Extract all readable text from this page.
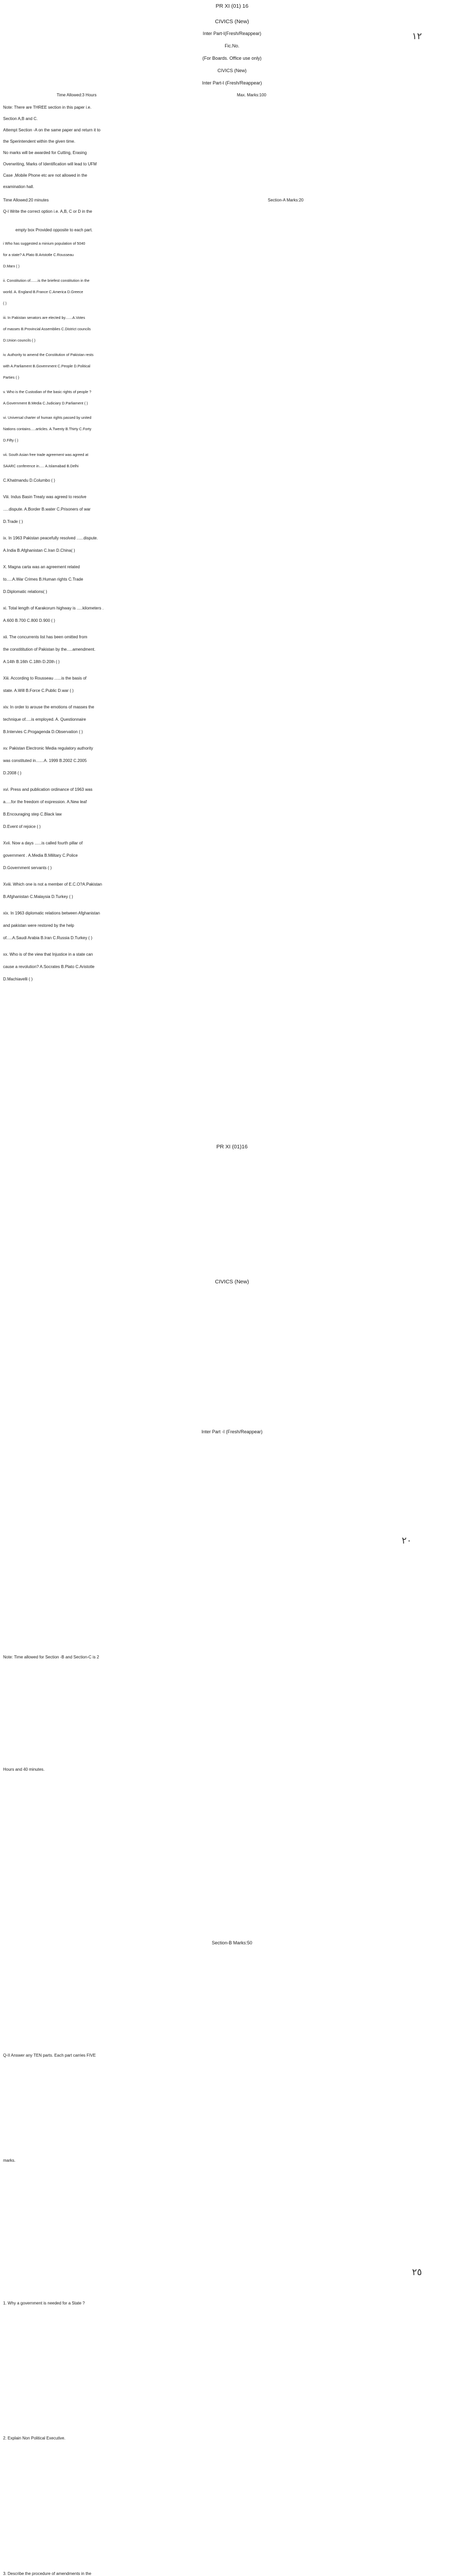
PR XI (01) 16
CIVICS (New)
Inter Part-I(Fresh/Reappear)
Fic.No.
(For Boards. Office use only)
CIVICS (New)
Inter Part-I (Fresh/Reappear)
Time Allowed:3 Hours	Max. Marks:100
Note: There are THREE section in this paper i.e.
Section A,B and C.
Attempt Section -A on the same paper and return it to
the Sperintendent within the given time.
No marks will be awarded for Cutting, Erasing
Overwriting, Marks of Identification will lead to UFM
Case ,Mobile Phone etc are not allowed in the
examination hall.
Time Allowed:20 minutes	Section-A Marks:20
Q-I Write the correct option i.e. A,B, C or D in the
empty box Provided opposite to each part.
i Who has suggested a minium population of 5040
for a state? A.Plato B.Aristotle C.Rousseau
D.Marx ( )
ii. Constitution of.......is the briefest constitution in the
world. A. England B.France C.America D.Greece
( )
iii. In Pakistan senators are elected by.......A.Votes
of masses B.Provincial Assemblies C.District councils
D.Union councils ( )
iv. Authority to amend the Constitution of Pakistan rests
with A.Parliament B.Government C.People D.Political
Parties ( )
v. Who is the Custodian of the basic rights of people ?
A.Government B.Media C.Judiciary D.Parliament ( )
vi. Universal charter of human rights passed by united
Nations contains.....articles. A.Twenty B.Thirty C.Forty
D.Fifty ( )
vii. South Asian free trade agreement was agreed at
SAARC conference in..... A.Islamabad B.Delhi
C.Khatmandu D.Columbo ( )
Viii. Indus Basin Treaty was agreed to resolve
.....dispute. A.Border B.water C.Prisoners of war
D.Trade ( )
ix. In 1963 Pakistan peacefully resolved ......dispute.
A.India B.Afghanistan C.Iran D.China( )
X. Magna carta was an agreement related
to.....A.War Crimes B.Human rights C.Trade
D.Diplomatic relations( )
xi. Total length of Karakorum highway is .....kilometers .
A.600 B.700 C.800 D.900 ( )
xii. The concurrents list has been omitted from
the constititution of Pakistan by the.....amendment.
A.14th B.16th C.18th D.20th ( )
Xiii. According to Rousseau ......is the basis of
state. A.Will B.Force C.Public D.war ( )
xiv. In order to arouse the emotions of masses the
technique of.....is employed. A. Questionnaire
B.Intervies C.Progagenda D.Observation ( )
xv. Pakistan Electronic Media regulatory authority
was constituted in.......A. 1999 B.2002 C.2005
D.2008 ( )
xvi. Press and publication ordinance of 1963 was
a.....for the freedom of expression. A.New leaf
B.Encouraging step C.Black law
D.Event of rejoice ( )
Xvii. Now a days ......is called fourth pillar of
government . A.Media B.Military C.Police
D.Government servants ( )
Xviii. Which one is not a member of E.C.O?A.Pakistan
B.Afghanistan C.Malaysia D.Turkey ( )
xix. In 1963 diplomatic relations between Afghanistan
and pakistan were restored by the help
of.....A.Saudi Arabia B.Iran C.Russia D.Turkey ( )
xx. Who is of the view that Injustice in a state can
cause a revolution? A.Socrates B.Plato C.Aristotle
D.Machiavelli ( )
PR XI (01)16
CIVICS (New)
Inter Part -I (Fresh/Reappear)
Note: Time allowed for Section -B and Section-C is 2
Hours and 40 minutes.
Section-B Marks:50
Q-II Answer any TEN parts. Each part carries FIVE
marks.
1. Why a government is needed for a State ?
2. Explain Non Political Executive.
3. Describe the procedure of amendments in the
١٢
٢٠
٢٥
